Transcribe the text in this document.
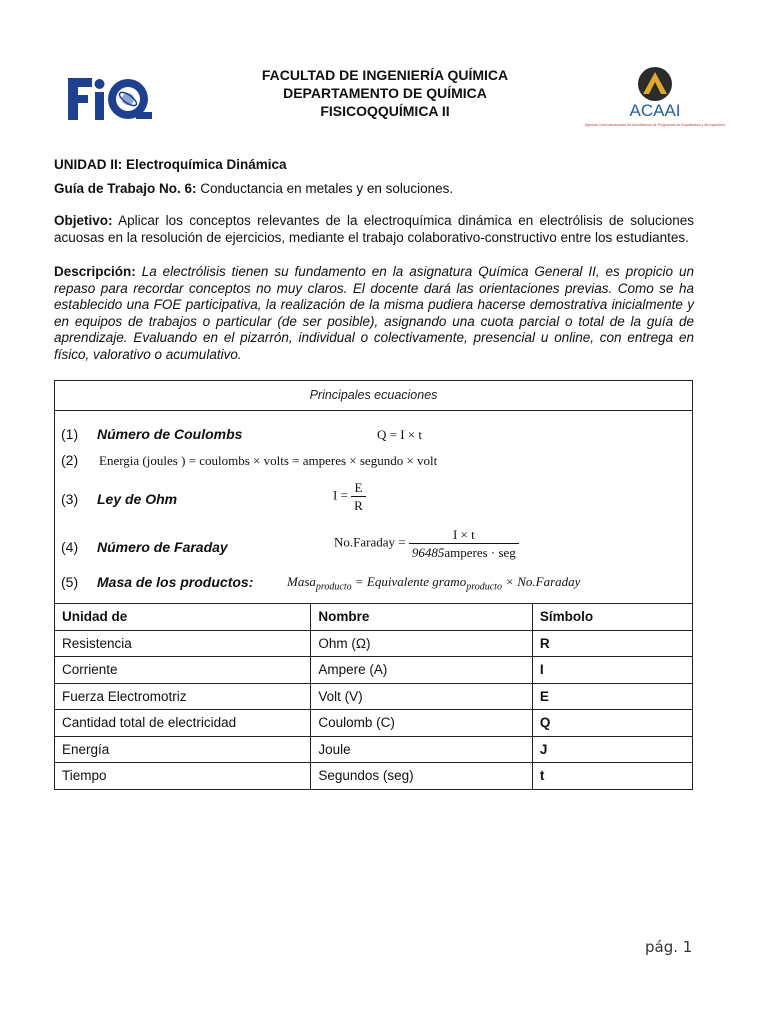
ACAAI
Agencia Centroamericana de Acreditación de Programas de Arquitectura y de Ingeniería
FACULTAD DE INGENIERÍA QUÍMICA
DEPARTAMENTO DE QUÍMICA
FISICOQQUÍMICA II
UNIDAD II: Electroquímica Dinámica
Guía de Trabajo No. 6: Conductancia en metales y en soluciones.
Objetivo: Aplicar los conceptos relevantes de la electroquímica dinámica en electrólisis de soluciones acuosas en la resolución de ejercicios, mediante el trabajo colaborativo-constructivo entre los estudiantes.
Descripción: La electrólisis tienen su fundamento en la asignatura Química General II, es propicio un repaso para recordar conceptos no muy claros. El docente dará las orientaciones previas. Como se ha establecido una FOE participativa, la realización de la misma pudiera hacerse demostrativa inicialmente y en equipos de trabajos o particular (de ser posible), asignando una cuota parcial o total de la guía de aprendizaje. Evaluando en el pizarrón, individual o colectivamente, presencial u online, con entrega en físico, valorativo o acumulativo.
Principales ecuaciones
(1) Número de Coulombs	Q = I × t
(2) Energia (joules ) = coulombs × volts = amperes × segundo × volt
(3) Ley de Ohm	$I = \frac{E}{R}$
(4) Número de Faraday	No.Faraday = $\frac{I \times t}{\text{96485amperes · seg}}$
(5) Masa de los productos:	Masa$_{producto}$ = Equivalente gramo$_{producto}$ × No.Faraday
Unidad de	Nombre	Símbolo
Resistencia	Ohm (Ω)	R
Corriente	Ampere (A)	I
Fuerza Electromotriz	Volt (V)	E
Cantidad total de electricidad	Coulomb (C)	Q
Energía	Joule	J
Tiempo	Segundos (seg)	t
pág. 1
